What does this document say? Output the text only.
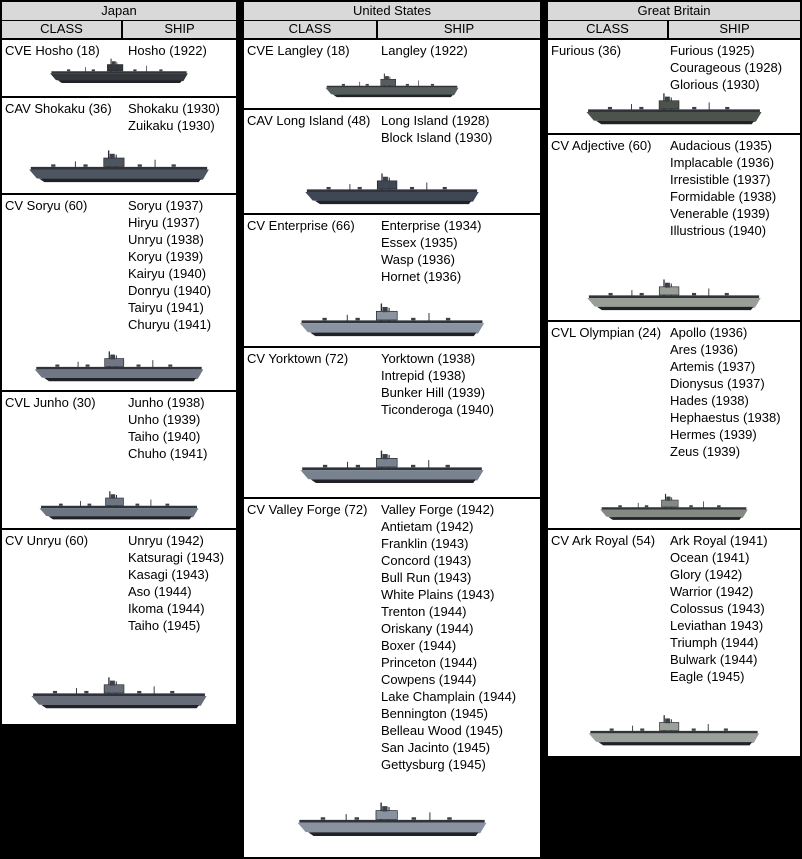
Japan
CLASS	SHIP
CVE Hosho (18)	Hosho (1922)
CAV Shokaku (36)	Shokaku (1930)
Zuikaku (1930)
CV Soryu (60)	Soryu (1937)
Hiryu (1937)
Unryu (1938)
Koryu (1939)
Kairyu (1940)
Donryu (1940)
Tairyu (1941)
Churyu (1941)
CVL Junho (30)	Junho (1938)
Unho (1939)
Taiho (1940)
Chuho (1941)
CV Unryu (60)	Unryu (1942)
Katsuragi (1943)
Kasagi (1943)
Aso (1944)
Ikoma (1944)
Taiho (1945)
United States
CLASS	SHIP
CVE Langley (18)	Langley (1922)
CAV Long Island (48) Long Island (1928)
Block Island (1930)
CV Enterprise (66)	Enterprise (1934)
Essex (1935)
Wasp (1936)
Hornet (1936)
CV Yorktown (72)	Yorktown (1938)
Intrepid (1938)
Bunker Hill (1939)
Ticonderoga (1940)
CV Valley Forge (72)	Valley Forge (1942)
Antietam (1942)
Franklin (1943)
Concord (1943)
Bull Run (1943)
White Plains (1943)
Trenton (1944)
Oriskany (1944)
Boxer (1944)
Princeton (1944)
Cowpens (1944)
Lake Champlain (1944)
Bennington (1945)
Belleau Wood (1945)
San Jacinto (1945)
Gettysburg (1945)
Great Britain
CLASS	SHIP
Furious (36)	Furious (1925)
Courageous (1928)
Glorious (1930)
CV Adjective (60)	Audacious (1935)
Implacable (1936)
Irresistible (1937)
Formidable (1938)
Venerable (1939)
Illustrious (1940)
CVL Olympian (24) Apollo (1936)
Ares (1936)
Artemis (1937)
Dionysus (1937)
Hades (1938)
Hephaestus (1938)
Hermes (1939)
Zeus (1939)
CV Ark Royal (54)	Ark Royal (1941)
Ocean (1941)
Glory (1942)
Warrior (1942)
Colossus (1943)
Leviathan 1943)
Triumph (1944)
Bulwark (1944)
Eagle (1945)
